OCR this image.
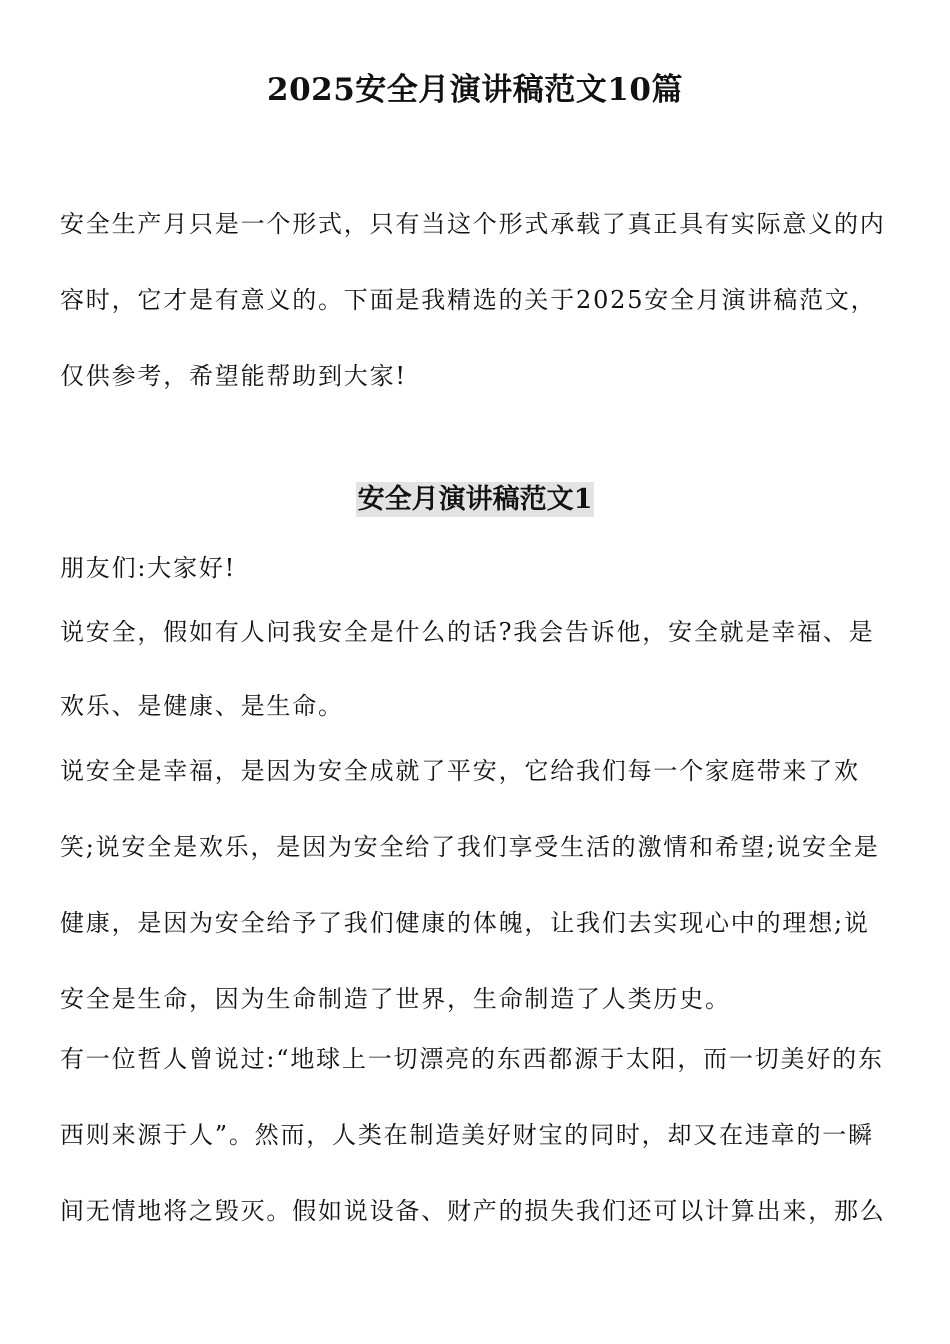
2025安全月演讲稿范文10篇

安全生产月只是一个形式，只有当这个形式承载了真正具有实际意义的内容时，它才是有意义的。下面是我精选的关于2025安全月演讲稿范文，仅供参考，希望能帮助到大家!

安全月演讲稿范文1

朋友们:大家好!

说安全，假如有人问我安全是什么的话?我会告诉他，安全就是幸福、是欢乐、是健康、是生命。

说安全是幸福，是因为安全成就了平安，它给我们每一个家庭带来了欢笑;说安全是欢乐，是因为安全给了我们享受生活的激情和希望;说安全是健康，是因为安全给予了我们健康的体魄，让我们去实现心中的理想;说安全是生命，因为生命制造了世界，生命制造了人类历史。

有一位哲人曾说过:“地球上一切漂亮的东西都源于太阳，而一切美好的东西则来源于人”。然而，人类在制造美好财宝的同时，却又在违章的一瞬间无情地将之毁灭。假如说设备、财产的损失我们还可以计算出来，那么
